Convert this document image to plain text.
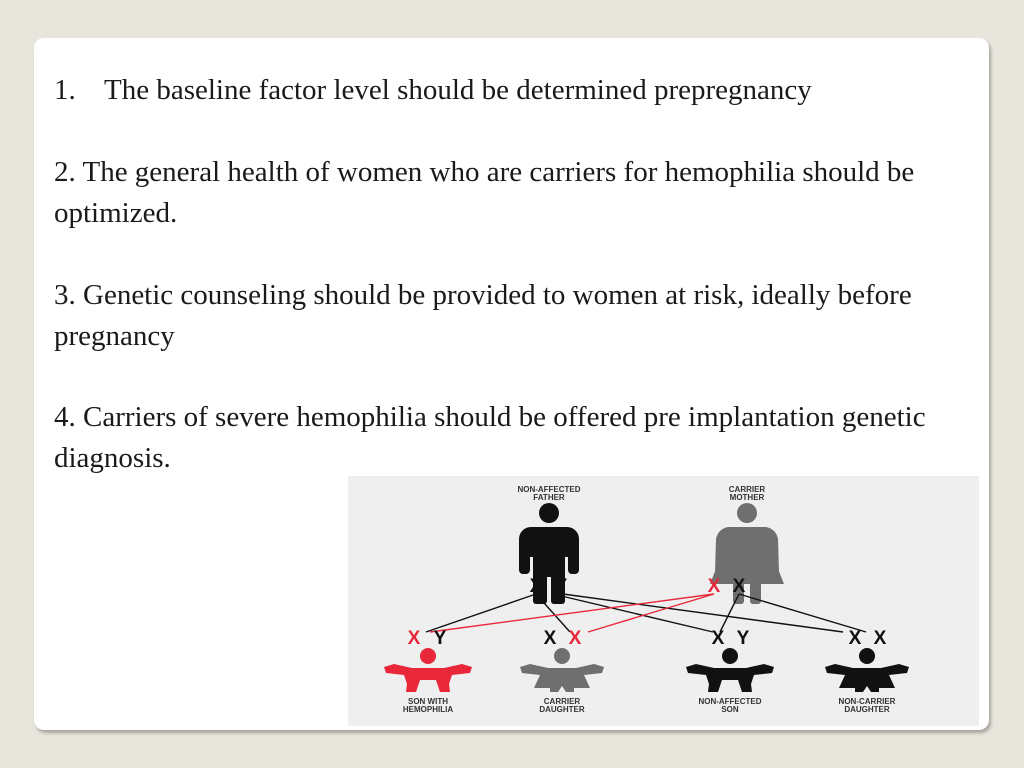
1. The baseline factor level should be determined prepregnancy

2. The general health of women who are carriers for hemophilia should be optimized.

3. Genetic counseling should be provided to women at risk, ideally before pregnancy

4. Carriers of severe hemophilia should be offered pre implantation genetic diagnosis.

NON-AFFECTED
FATHER
CARRIER
MOTHER
X Y	X X
X Y	X X	X Y	X X
SON WITH
HEMOPHILIA
CARRIER
DAUGHTER
NON-AFFECTED
SON
NON-CARRIER
DAUGHTER
